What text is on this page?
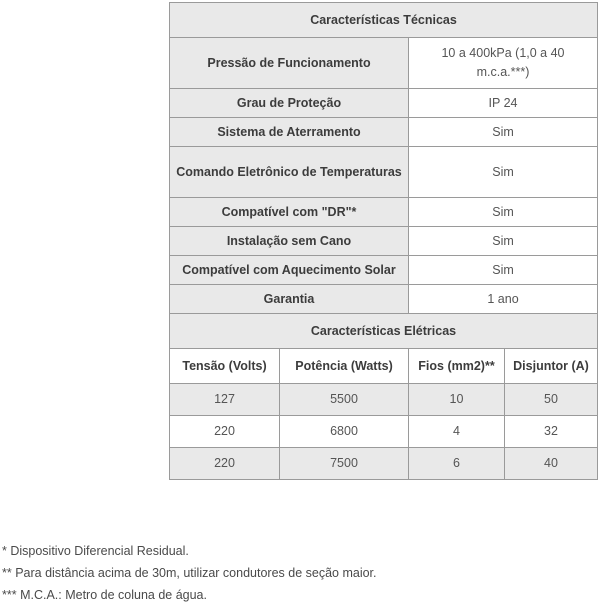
Características Técnicas			
Pressão de Funcionamento		10 a 400kPa (1,0 a 40 m.c.a.***)	
Grau de Proteção		IP 24	
Sistema de Aterramento		Sim	
Comando Eletrônico de Temperaturas		Sim	
Compatível com "DR"*		Sim	
Instalação sem Cano		Sim	
Compatível com Aquecimento Solar		Sim	
Garantia		1 ano	
Características Elétricas			
Tensão (Volts)	Potência (Watts)	Fios (mm2)**	Disjuntor (A)
127	5500	10	50
220	6800	4	32
220	7500	6	40
* Dispositivo Diferencial Residual.
** Para distância acima de 30m, utilizar condutores de seção maior.
*** M.C.A.: Metro de coluna de água.
